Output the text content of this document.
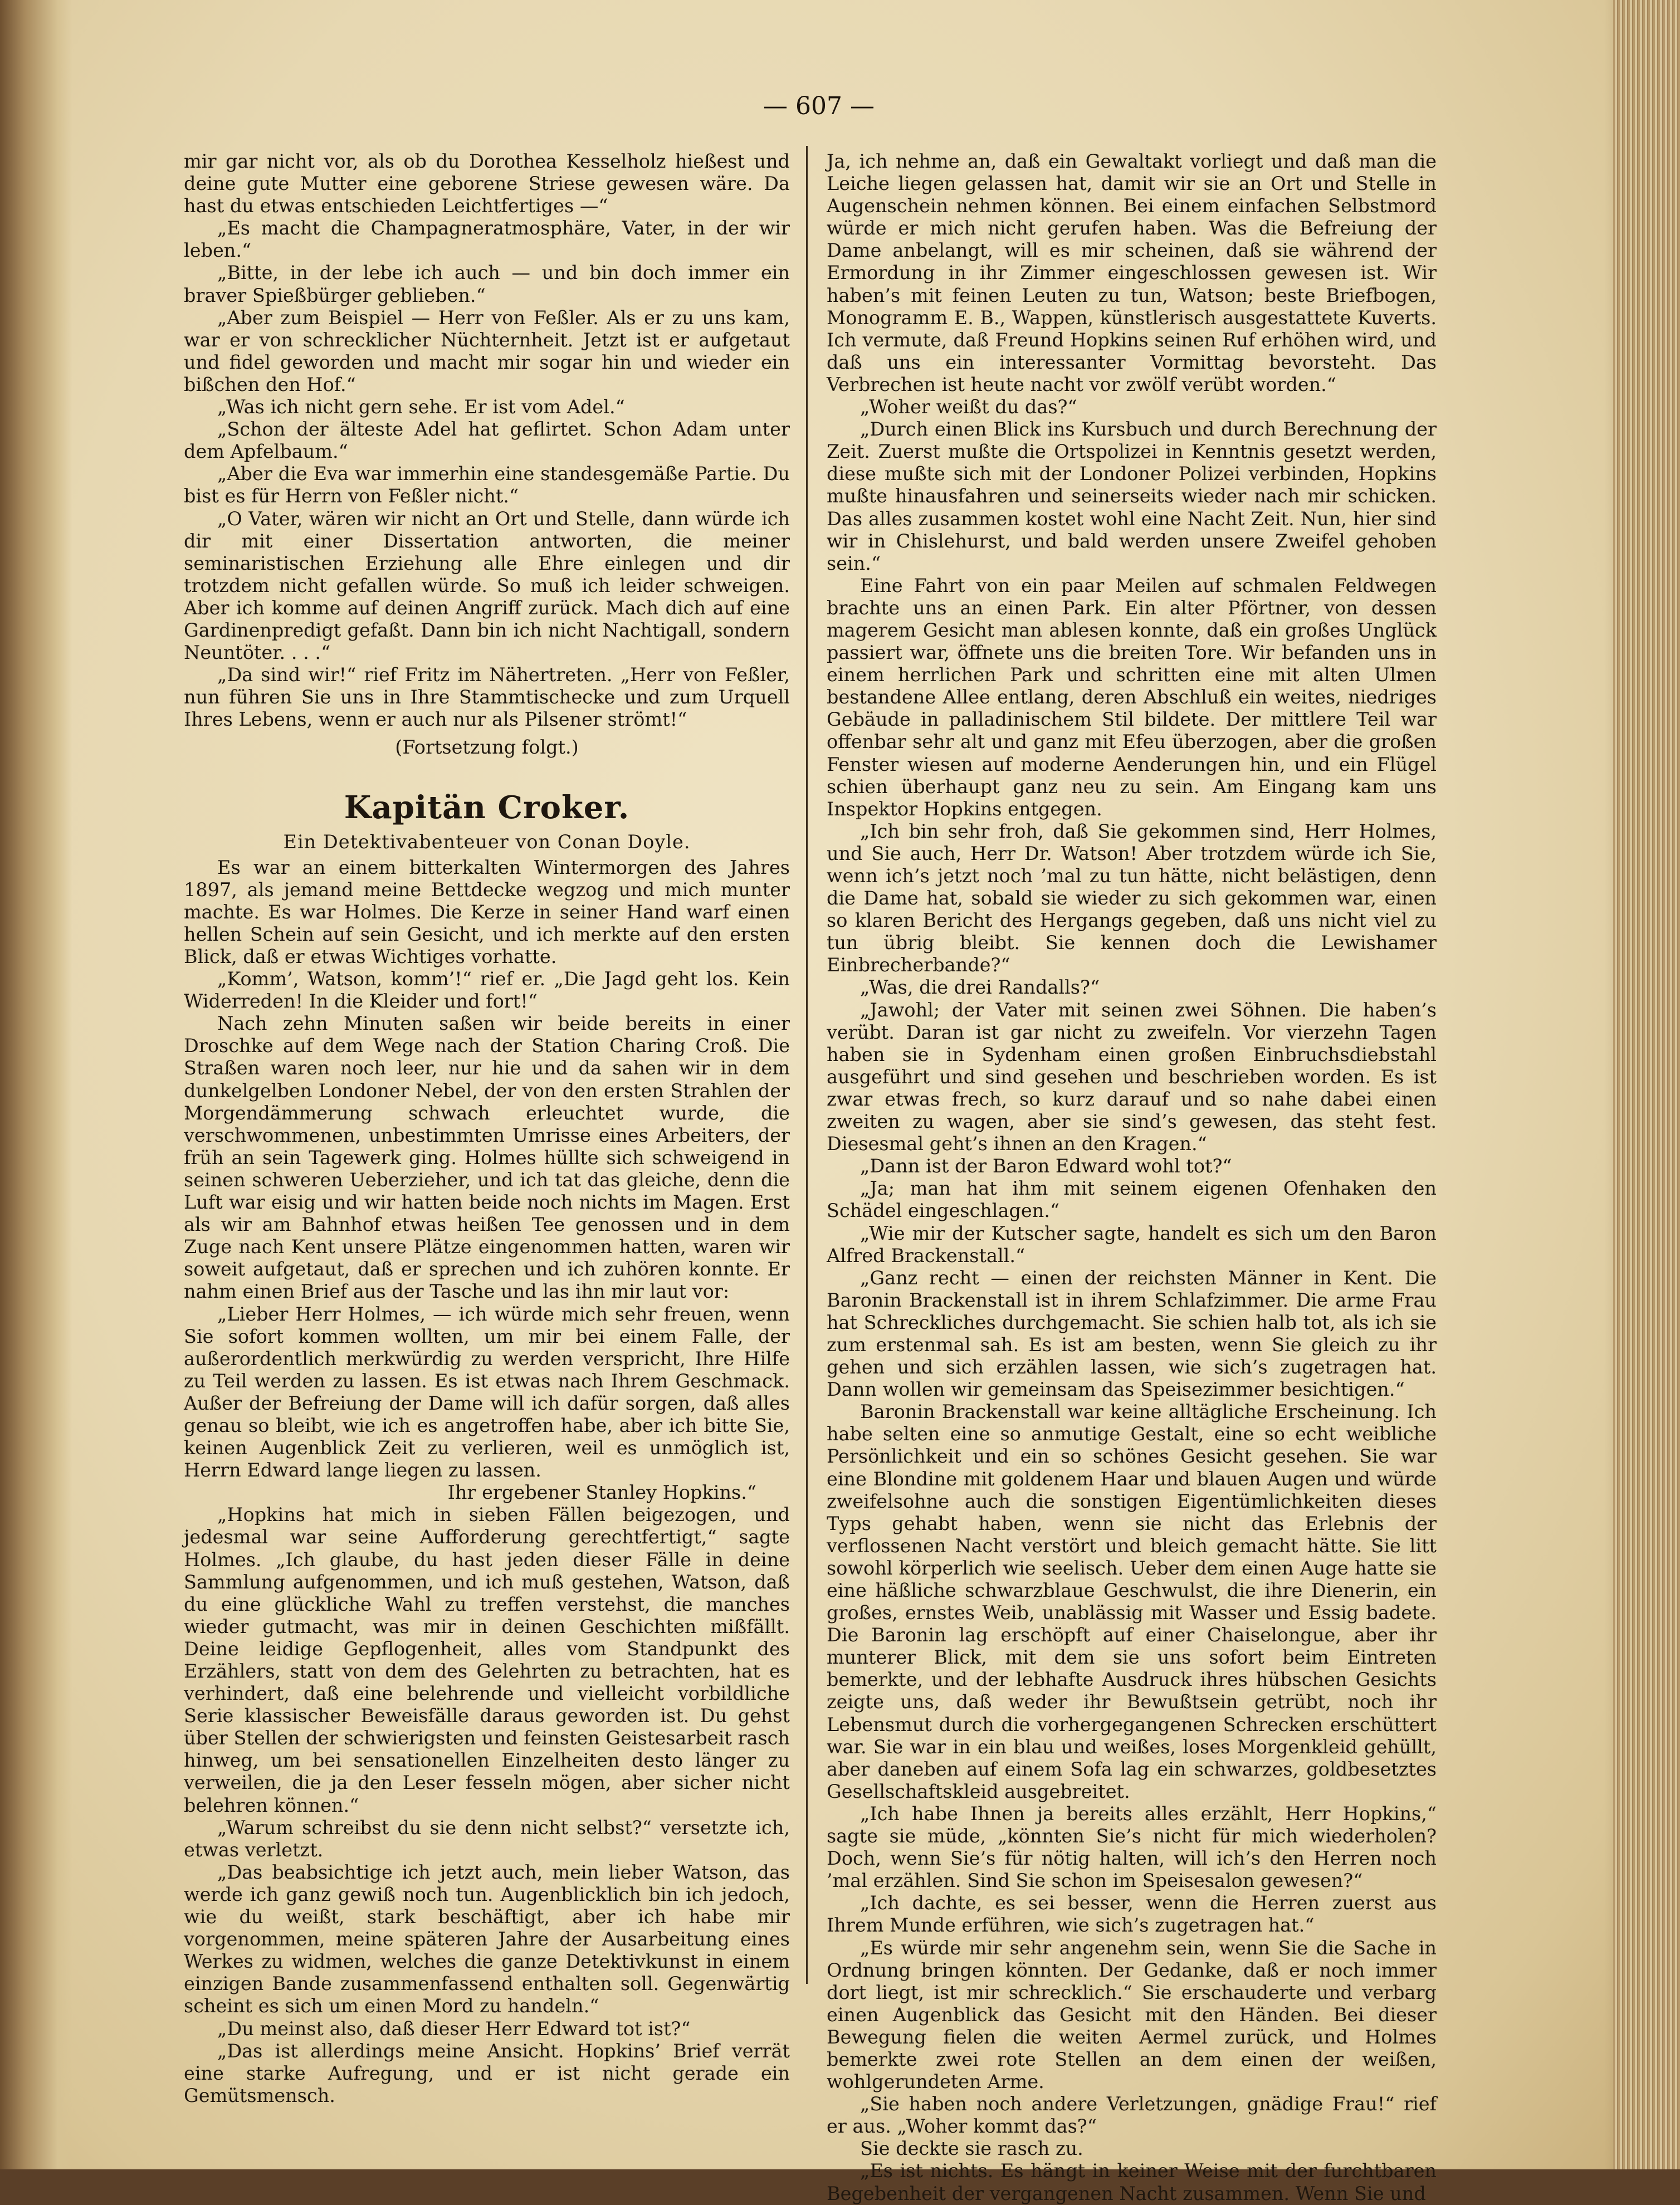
— 607 —

mir gar nicht vor, als ob du Dorothea Kesselholz hießest und deine gute Mutter eine geborene Striese gewesen wäre. Da hast du etwas entschieden Leichtfertiges —“

„Es macht die Champagneratmosphäre, Vater, in der wir leben.“

„Bitte, in der lebe ich auch — und bin doch immer ein braver Spießbürger geblieben.“

„Aber zum Beispiel — Herr von Feßler. Als er zu uns kam, war er von schrecklicher Nüchternheit. Jetzt ist er aufgetaut und fidel geworden und macht mir sogar hin und wieder ein bißchen den Hof.“

„Was ich nicht gern sehe. Er ist vom Adel.“

„Schon der älteste Adel hat geflirtet. Schon Adam unter dem Apfelbaum.“

„Aber die Eva war immerhin eine standesgemäße Partie. Du bist es für Herrn von Feßler nicht.“

„O Vater, wären wir nicht an Ort und Stelle, dann würde ich dir mit einer Dissertation antworten, die meiner seminaristischen Erziehung alle Ehre einlegen und dir trotzdem nicht gefallen würde. So muß ich leider schweigen. Aber ich komme auf deinen Angriff zurück. Mach dich auf eine Gardinenpredigt gefaßt. Dann bin ich nicht Nachtigall, sondern Neuntöter. . . .“

„Da sind wir!“ rief Fritz im Nähertreten. „Herr von Feßler, nun führen Sie uns in Ihre Stammtischecke und zum Urquell Ihres Lebens, wenn er auch nur als Pilsener strömt!“

(Fortsetzung folgt.)

Kapitän Croker.

Ein Detektivabenteuer von Conan Doyle.

Es war an einem bitterkalten Wintermorgen des Jahres 1897, als jemand meine Bettdecke wegzog und mich munter machte. Es war Holmes. Die Kerze in seiner Hand warf einen hellen Schein auf sein Gesicht, und ich merkte auf den ersten Blick, daß er etwas Wichtiges vorhatte.

„Komm’, Watson, komm’!“ rief er. „Die Jagd geht los. Kein Widerreden! In die Kleider und fort!“

Nach zehn Minuten saßen wir beide bereits in einer Droschke auf dem Wege nach der Station Charing Croß. Die Straßen waren noch leer, nur hie und da sahen wir in dem dunkelgelben Londoner Nebel, der von den ersten Strahlen der Morgendämmerung schwach erleuchtet wurde, die verschwommenen, unbestimmten Umrisse eines Arbeiters, der früh an sein Tagewerk ging. Holmes hüllte sich schweigend in seinen schweren Ueberzieher, und ich tat das gleiche, denn die Luft war eisig und wir hatten beide noch nichts im Magen. Erst als wir am Bahnhof etwas heißen Tee genossen und in dem Zuge nach Kent unsere Plätze eingenommen hatten, waren wir soweit aufgetaut, daß er sprechen und ich zuhören konnte. Er nahm einen Brief aus der Tasche und las ihn mir laut vor:

„Lieber Herr Holmes, — ich würde mich sehr freuen, wenn Sie sofort kommen wollten, um mir bei einem Falle, der außerordentlich merkwürdig zu werden verspricht, Ihre Hilfe zu Teil werden zu lassen. Es ist etwas nach Ihrem Geschmack. Außer der Befreiung der Dame will ich dafür sorgen, daß alles genau so bleibt, wie ich es angetroffen habe, aber ich bitte Sie, keinen Augenblick Zeit zu verlieren, weil es unmöglich ist, Herrn Edward lange liegen zu lassen.

Ihr ergebener Stanley Hopkins.“

„Hopkins hat mich in sieben Fällen beigezogen, und jedesmal war seine Aufforderung gerechtfertigt,“ sagte Holmes. „Ich glaube, du hast jeden dieser Fälle in deine Sammlung aufgenommen, und ich muß gestehen, Watson, daß du eine glückliche Wahl zu treffen verstehst, die manches wieder gutmacht, was mir in deinen Geschichten mißfällt. Deine leidige Gepflogenheit, alles vom Standpunkt des Erzählers, statt von dem des Gelehrten zu betrachten, hat es verhindert, daß eine belehrende und vielleicht vorbildliche Serie klassischer Beweisfälle daraus geworden ist. Du gehst über Stellen der schwierigsten und feinsten Geistesarbeit rasch hinweg, um bei sensationellen Einzelheiten desto länger zu verweilen, die ja den Leser fesseln mögen, aber sicher nicht belehren können.“

„Warum schreibst du sie denn nicht selbst?“ versetzte ich, etwas verletzt.

„Das beabsichtige ich jetzt auch, mein lieber Watson, das werde ich ganz gewiß noch tun. Augenblicklich bin ich jedoch, wie du weißt, stark beschäftigt, aber ich habe mir vorgenommen, meine späteren Jahre der Ausarbeitung eines Werkes zu widmen, welches die ganze Detektivkunst in einem einzigen Bande zusammenfassend enthalten soll. Gegenwärtig scheint es sich um einen Mord zu handeln.“

„Du meinst also, daß dieser Herr Edward tot ist?“

„Das ist allerdings meine Ansicht. Hopkins’ Brief verrät eine starke Aufregung, und er ist nicht gerade ein Gemütsmensch.

Ja, ich nehme an, daß ein Gewaltakt vorliegt und daß man die Leiche liegen gelassen hat, damit wir sie an Ort und Stelle in Augenschein nehmen können. Bei einem einfachen Selbstmord würde er mich nicht gerufen haben. Was die Befreiung der Dame anbelangt, will es mir scheinen, daß sie während der Ermordung in ihr Zimmer eingeschlossen gewesen ist. Wir haben’s mit feinen Leuten zu tun, Watson; beste Briefbogen, Monogramm E. B., Wappen, künstlerisch ausgestattete Kuverts. Ich vermute, daß Freund Hopkins seinen Ruf erhöhen wird, und daß uns ein interessanter Vormittag bevorsteht. Das Verbrechen ist heute nacht vor zwölf verübt worden.“

„Woher weißt du das?“

„Durch einen Blick ins Kursbuch und durch Berechnung der Zeit. Zuerst mußte die Ortspolizei in Kenntnis gesetzt werden, diese mußte sich mit der Londoner Polizei verbinden, Hopkins mußte hinausfahren und seinerseits wieder nach mir schicken. Das alles zusammen kostet wohl eine Nacht Zeit. Nun, hier sind wir in Chislehurst, und bald werden unsere Zweifel gehoben sein.“

Eine Fahrt von ein paar Meilen auf schmalen Feldwegen brachte uns an einen Park. Ein alter Pförtner, von dessen magerem Gesicht man ablesen konnte, daß ein großes Unglück passiert war, öffnete uns die breiten Tore. Wir befanden uns in einem herrlichen Park und schritten eine mit alten Ulmen bestandene Allee entlang, deren Abschluß ein weites, niedriges Gebäude in palladinischem Stil bildete. Der mittlere Teil war offenbar sehr alt und ganz mit Efeu überzogen, aber die großen Fenster wiesen auf moderne Aenderungen hin, und ein Flügel schien überhaupt ganz neu zu sein. Am Eingang kam uns Inspektor Hopkins entgegen.

„Ich bin sehr froh, daß Sie gekommen sind, Herr Holmes, und Sie auch, Herr Dr. Watson! Aber trotzdem würde ich Sie, wenn ich’s jetzt noch ’mal zu tun hätte, nicht belästigen, denn die Dame hat, sobald sie wieder zu sich gekommen war, einen so klaren Bericht des Hergangs gegeben, daß uns nicht viel zu tun übrig bleibt. Sie kennen doch die Lewishamer Einbrecherbande?“

„Was, die drei Randalls?“

„Jawohl; der Vater mit seinen zwei Söhnen. Die haben’s verübt. Daran ist gar nicht zu zweifeln. Vor vierzehn Tagen haben sie in Sydenham einen großen Einbruchsdiebstahl ausgeführt und sind gesehen und beschrieben worden. Es ist zwar etwas frech, so kurz darauf und so nahe dabei einen zweiten zu wagen, aber sie sind’s gewesen, das steht fest. Diesesmal geht’s ihnen an den Kragen.“

„Dann ist der Baron Edward wohl tot?“

„Ja; man hat ihm mit seinem eigenen Ofenhaken den Schädel eingeschlagen.“

„Wie mir der Kutscher sagte, handelt es sich um den Baron Alfred Brackenstall.“

„Ganz recht — einen der reichsten Männer in Kent. Die Baronin Brackenstall ist in ihrem Schlafzimmer. Die arme Frau hat Schreckliches durchgemacht. Sie schien halb tot, als ich sie zum erstenmal sah. Es ist am besten, wenn Sie gleich zu ihr gehen und sich erzählen lassen, wie sich’s zugetragen hat. Dann wollen wir gemeinsam das Speisezimmer besichtigen.“

Baronin Brackenstall war keine alltägliche Erscheinung. Ich habe selten eine so anmutige Gestalt, eine so echt weibliche Persönlichkeit und ein so schönes Gesicht gesehen. Sie war eine Blondine mit goldenem Haar und blauen Augen und würde zweifelsohne auch die sonstigen Eigentümlichkeiten dieses Typs gehabt haben, wenn sie nicht das Erlebnis der verflossenen Nacht verstört und bleich gemacht hätte. Sie litt sowohl körperlich wie seelisch. Ueber dem einen Auge hatte sie eine häßliche schwarzblaue Geschwulst, die ihre Dienerin, ein großes, ernstes Weib, unablässig mit Wasser und Essig badete. Die Baronin lag erschöpft auf einer Chaiselongue, aber ihr munterer Blick, mit dem sie uns sofort beim Eintreten bemerkte, und der lebhafte Ausdruck ihres hübschen Gesichts zeigte uns, daß weder ihr Bewußtsein getrübt, noch ihr Lebensmut durch die vorhergegangenen Schrecken erschüttert war. Sie war in ein blau und weißes, loses Morgenkleid gehüllt, aber daneben auf einem Sofa lag ein schwarzes, goldbesetztes Gesellschaftskleid ausgebreitet.

„Ich habe Ihnen ja bereits alles erzählt, Herr Hopkins,“ sagte sie müde, „könnten Sie’s nicht für mich wiederholen? Doch, wenn Sie’s für nötig halten, will ich’s den Herren noch ’mal erzählen. Sind Sie schon im Speisesalon gewesen?“

„Ich dachte, es sei besser, wenn die Herren zuerst aus Ihrem Munde erführen, wie sich’s zugetragen hat.“

„Es würde mir sehr angenehm sein, wenn Sie die Sache in Ordnung bringen könnten. Der Gedanke, daß er noch immer dort liegt, ist mir schrecklich.“ Sie erschauderte und verbarg einen Augenblick das Gesicht mit den Händen. Bei dieser Bewegung fielen die weiten Aermel zurück, und Holmes bemerkte zwei rote Stellen an dem einen der weißen, wohlgerundeten Arme.

„Sie haben noch andere Verletzungen, gnädige Frau!“ rief er aus. „Woher kommt das?“

Sie deckte sie rasch zu.

„Es ist nichts. Es hängt in keiner Weise mit der furchtbaren Begebenheit der vergangenen Nacht zusammen. Wenn Sie und
